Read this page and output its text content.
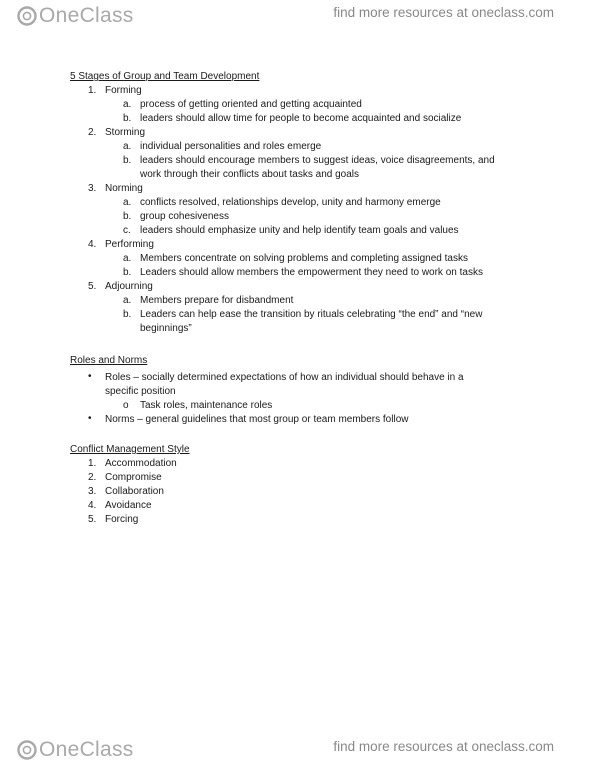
OneClass	find more resources at oneclass.com
5 Stages of Group and Team Development
1. Forming
a. process of getting oriented and getting acquainted
b. leaders should allow time for people to become acquainted and socialize
2. Storming
a. individual personalities and roles emerge
b. leaders should encourage members to suggest ideas, voice disagreements, and
work through their conflicts about tasks and goals
3. Norming
a. conflicts resolved, relationships develop, unity and harmony emerge
b. group cohesiveness
c. leaders should emphasize unity and help identify team goals and values
4. Performing
a. Members concentrate on solving problems and completing assigned tasks
b. Leaders should allow members the empowerment they need to work on tasks
5. Adjourning
a. Members prepare for disbandment
b. Leaders can help ease the transition by rituals celebrating “the end” and “new
beginnings”
Roles and Norms
• Roles – socially determined expectations of how an individual should behave in a
specific position
o Task roles, maintenance roles
• Norms – general guidelines that most group or team members follow
Conflict Management Style
1. Accommodation
2. Compromise
3. Collaboration
4. Avoidance
5. Forcing
OneClass	find more resources at oneclass.com
